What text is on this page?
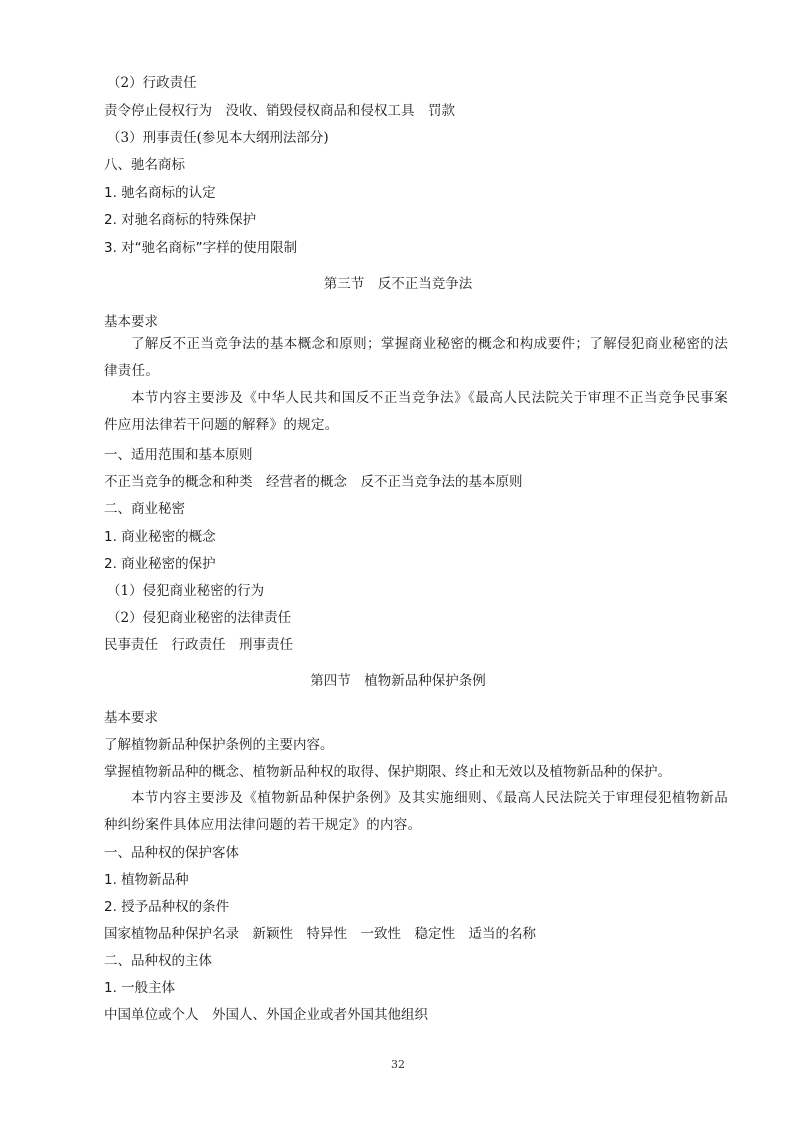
（2）行政责任
责令停止侵权行为　没收、销毁侵权商品和侵权工具　罚款
（3）刑事责任(参见本大纲刑法部分)
八、驰名商标
1. 驰名商标的认定
2. 对驰名商标的特殊保护
3. 对“驰名商标”字样的使用限制
第三节　反不正当竞争法
基本要求
了解反不正当竞争法的基本概念和原则；掌握商业秘密的概念和构成要件；了解侵犯商业秘密的法律责任。
本节内容主要涉及《中华人民共和国反不正当竞争法》《最高人民法院关于审理不正当竞争民事案件应用法律若干问题的解释》的规定。
一、适用范围和基本原则
不正当竞争的概念和种类　经营者的概念　反不正当竞争法的基本原则
二、商业秘密
1. 商业秘密的概念
2. 商业秘密的保护
（1）侵犯商业秘密的行为
（2）侵犯商业秘密的法律责任
民事责任　行政责任　刑事责任
第四节　植物新品种保护条例
基本要求
了解植物新品种保护条例的主要内容。
掌握植物新品种的概念、植物新品种权的取得、保护期限、终止和无效以及植物新品种的保护。
本节内容主要涉及《植物新品种保护条例》及其实施细则、《最高人民法院关于审理侵犯植物新品种纠纷案件具体应用法律问题的若干规定》的内容。
一、品种权的保护客体
1. 植物新品种
2. 授予品种权的条件
国家植物品种保护名录　新颖性　特异性　一致性　稳定性　适当的名称
二、品种权的主体
1. 一般主体
中国单位或个人　外国人、外国企业或者外国其他组织
32
